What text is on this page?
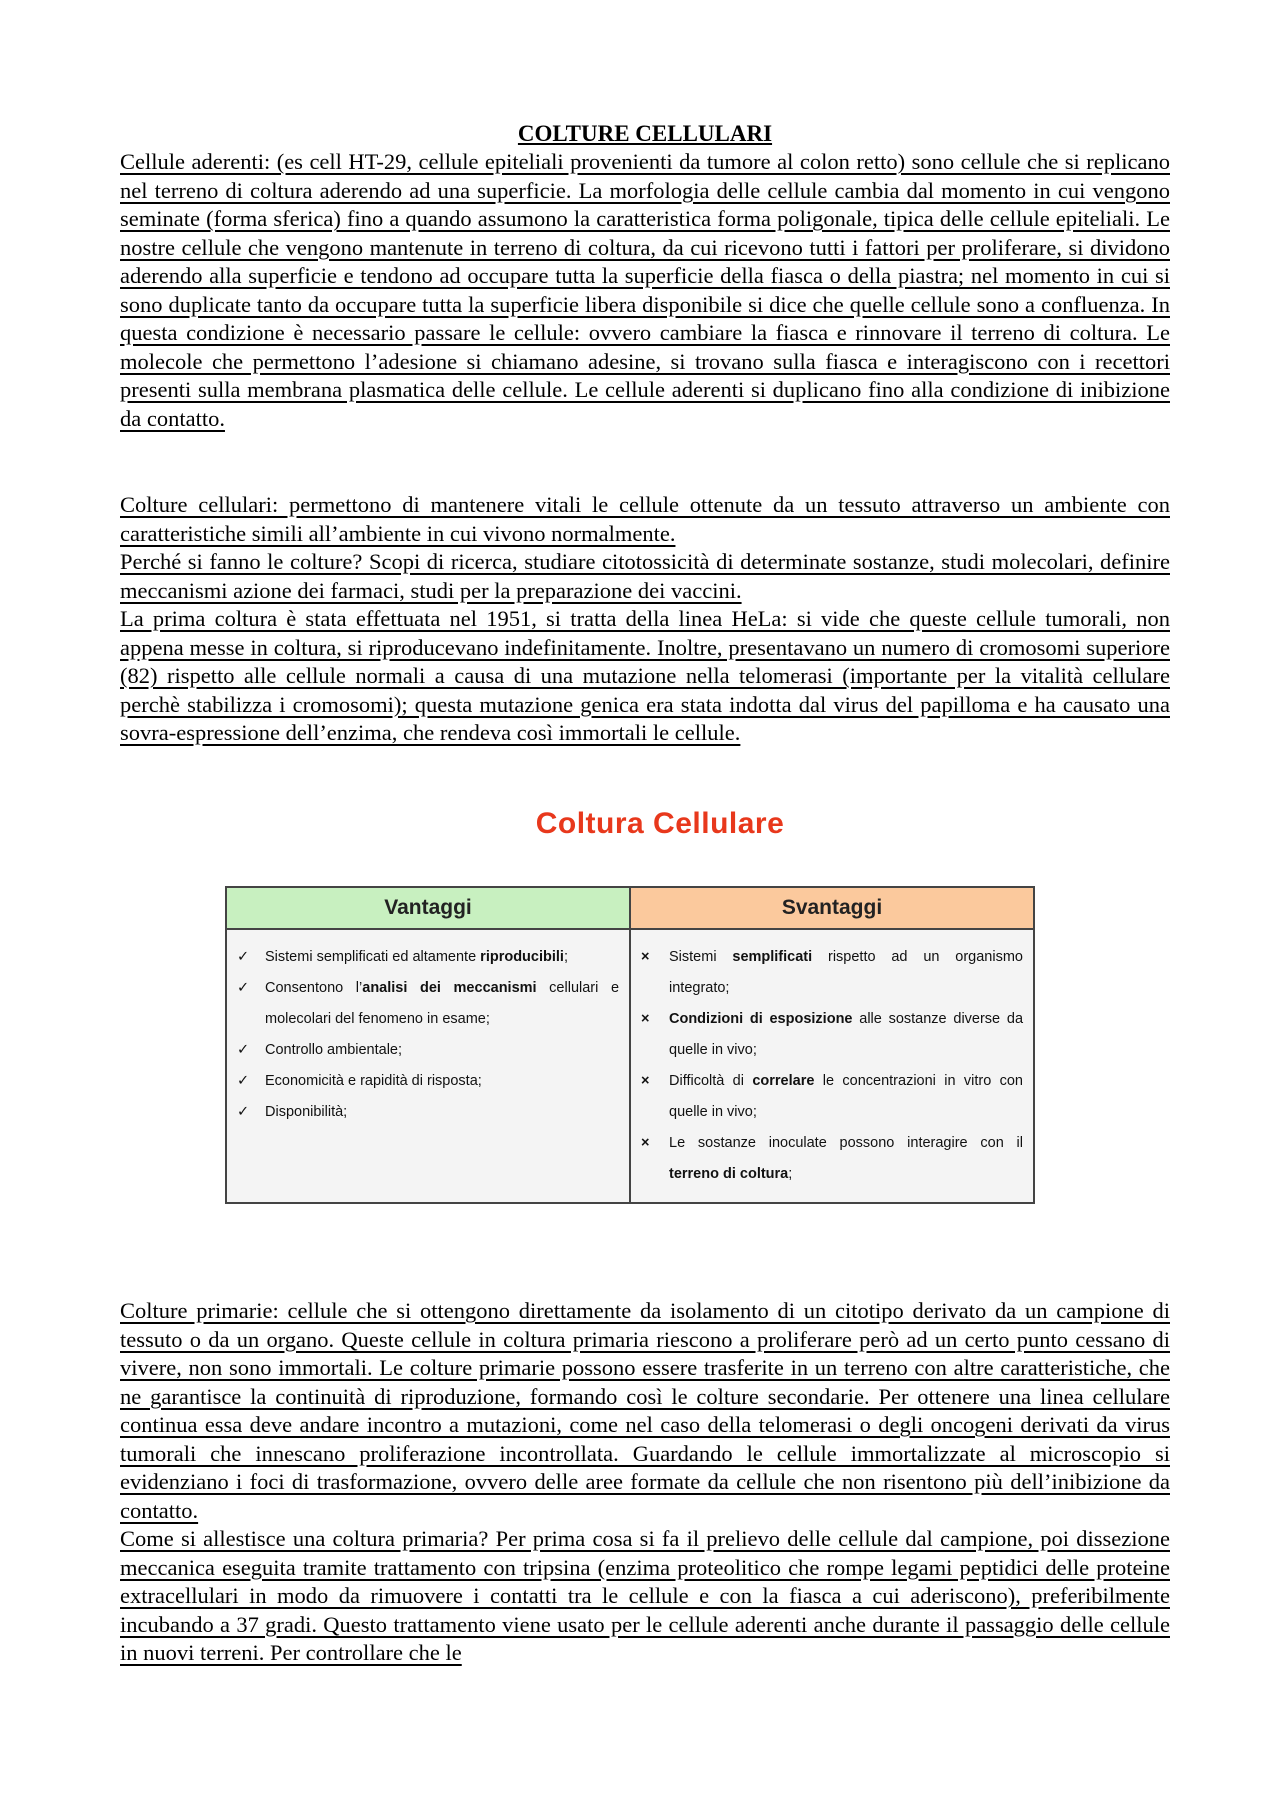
COLTURE CELLULARI

Cellule aderenti: (es cell HT-29, cellule epiteliali provenienti da tumore al colon retto) sono cellule che si replicano nel terreno di coltura aderendo ad una superficie. La morfologia delle cellule cambia dal momento in cui vengono seminate (forma sferica) fino a quando assumono la caratteristica forma poligonale, tipica delle cellule epiteliali. Le nostre cellule che vengono mantenute in terreno di coltura, da cui ricevono tutti i fattori per proliferare, si dividono aderendo alla superficie e tendono ad occupare tutta la superficie della fiasca o della piastra; nel momento in cui si sono duplicate tanto da occupare tutta la superficie libera disponibile si dice che quelle cellule sono a confluenza. In questa condizione è necessario passare le cellule: ovvero cambiare la fiasca e rinnovare il terreno di coltura. Le molecole che permettono l’adesione si chiamano adesine, si trovano sulla fiasca e interagiscono con i recettori presenti sulla membrana plasmatica delle cellule. Le cellule aderenti si duplicano fino alla condizione di inibizione da contatto.

Colture cellulari: permettono di mantenere vitali le cellule ottenute da un tessuto attraverso un ambiente con caratteristiche simili all’ambiente in cui vivono normalmente.

Perché si fanno le colture? Scopi di ricerca, studiare citotossicità di determinate sostanze, studi molecolari, definire meccanismi azione dei farmaci, studi per la preparazione dei vaccini.

La prima coltura è stata effettuata nel 1951, si tratta della linea HeLa: si vide che queste cellule tumorali, non appena messe in coltura, si riproducevano indefinitamente. Inoltre, presentavano un numero di cromosomi superiore (82) rispetto alle cellule normali a causa di una mutazione nella telomerasi (importante per la vitalità cellulare perchè stabilizza i cromosomi); questa mutazione genica era stata indotta dal virus del papilloma e ha causato una sovra-espressione dell’enzima, che rendeva così immortali le cellule.

Coltura Cellulare
Vantaggi	Svantaggi
✓	Sistemi semplificati ed altamente riproducibili;
✓	Consentono l’analisi dei meccanismi cellulari e molecolari del fenomeno in esame;
✓	Controllo ambientale;
✓	Economicità e rapidità di risposta;
✓	Disponibilità;
×	Sistemi semplificati rispetto ad un organismo integrato;
×	Condizioni di esposizione alle sostanze diverse da quelle in vivo;
×	Difficoltà di correlare le concentrazioni in vitro con quelle in vivo;
×	Le sostanze inoculate possono interagire con il terreno di coltura;

Colture primarie: cellule che si ottengono direttamente da isolamento di un citotipo derivato da un campione di tessuto o da un organo. Queste cellule in coltura primaria riescono a proliferare però ad un certo punto cessano di vivere, non sono immortali. Le colture primarie possono essere trasferite in un terreno con altre caratteristiche, che ne garantisce la continuità di riproduzione, formando così le colture secondarie. Per ottenere una linea cellulare continua essa deve andare incontro a mutazioni, come nel caso della telomerasi o degli oncogeni derivati da virus tumorali che innescano proliferazione incontrollata. Guardando le cellule immortalizzate al microscopio si evidenziano i foci di trasformazione, ovvero delle aree formate da cellule che non risentono più dell’inibizione da contatto.

Come si allestisce una coltura primaria? Per prima cosa si fa il prelievo delle cellule dal campione, poi dissezione meccanica eseguita tramite trattamento con tripsina (enzima proteolitico che rompe legami peptidici delle proteine extracellulari in modo da rimuovere i contatti tra le cellule e con la fiasca a cui aderiscono), preferibilmente incubando a 37 gradi. Questo trattamento viene usato per le cellule aderenti anche durante il passaggio delle cellule in nuovi terreni. Per controllare che le
